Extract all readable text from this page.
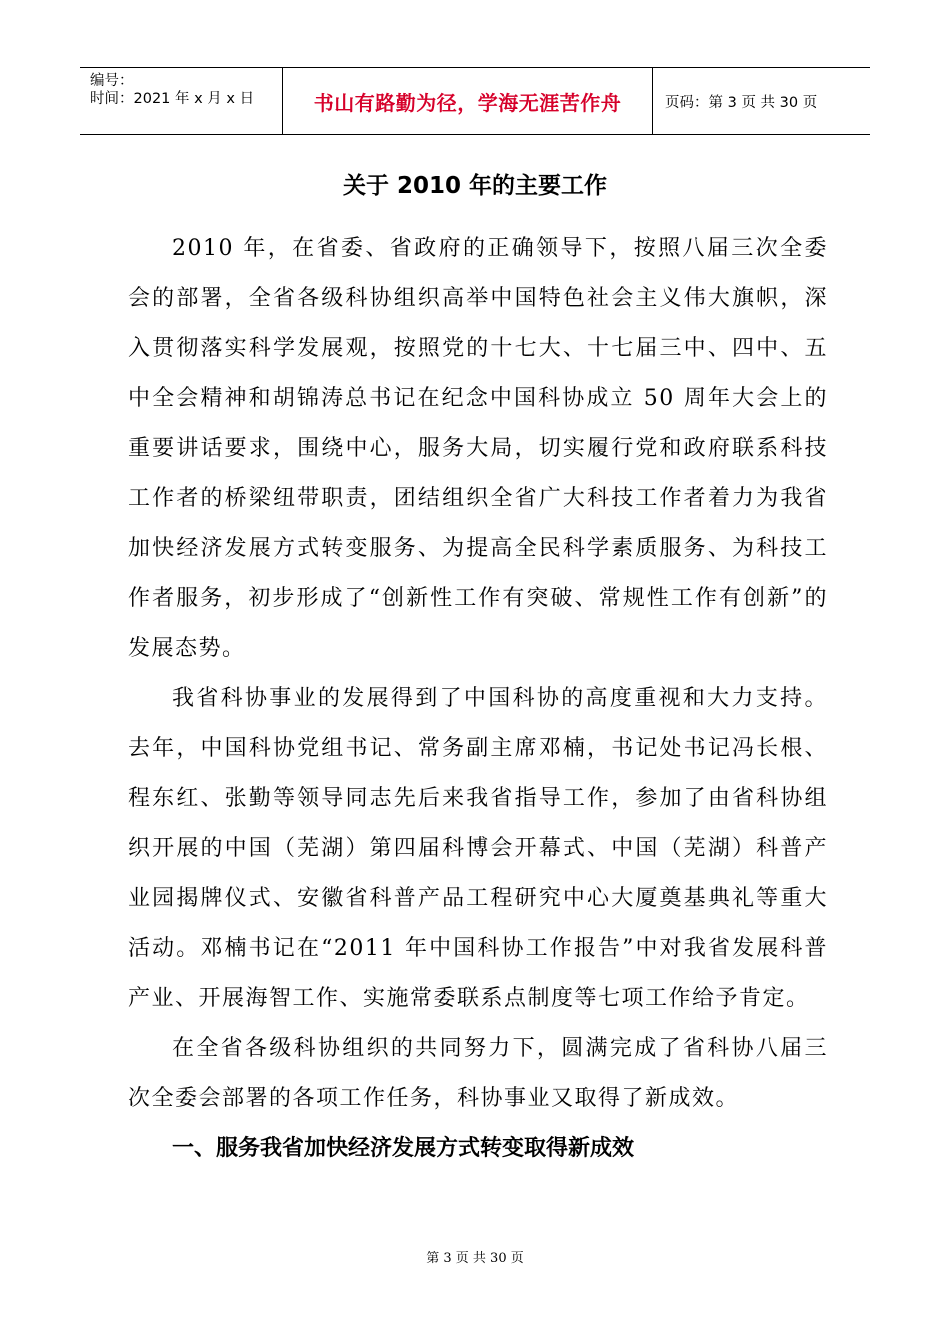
编号：
时间：2021 年 x 月 x 日	书山有路勤为径，学海无涯苦作舟	页码：第 3 页 共 30 页
关于 2010 年的主要工作

2010 年，在省委、省政府的正确领导下，按照八届三次全委会的部署，全省各级科协组织高举中国特色社会主义伟大旗帜，深入贯彻落实科学发展观，按照党的十七大、十七届三中、四中、五中全会精神和胡锦涛总书记在纪念中国科协成立 50 周年大会上的重要讲话要求，围绕中心，服务大局，切实履行党和政府联系科技工作者的桥梁纽带职责，团结组织全省广大科技工作者着力为我省加快经济发展方式转变服务、为提高全民科学素质服务、为科技工作者服务，初步形成了“创新性工作有突破、常规性工作有创新”的发展态势。

我省科协事业的发展得到了中国科协的高度重视和大力支持。去年，中国科协党组书记、常务副主席邓楠，书记处书记冯长根、程东红、张勤等领导同志先后来我省指导工作，参加了由省科协组织开展的中国（芜湖）第四届科博会开幕式、中国（芜湖）科普产业园揭牌仪式、安徽省科普产品工程研究中心大厦奠基典礼等重大活动。邓楠书记在“2011 年中国科协工作报告”中对我省发展科普产业、开展海智工作、实施常委联系点制度等七项工作给予肯定。

在全省各级科协组织的共同努力下，圆满完成了省科协八届三次全委会部署的各项工作任务，科协事业又取得了新成效。

一、服务我省加快经济发展方式转变取得新成效
第 3 页 共 30 页
